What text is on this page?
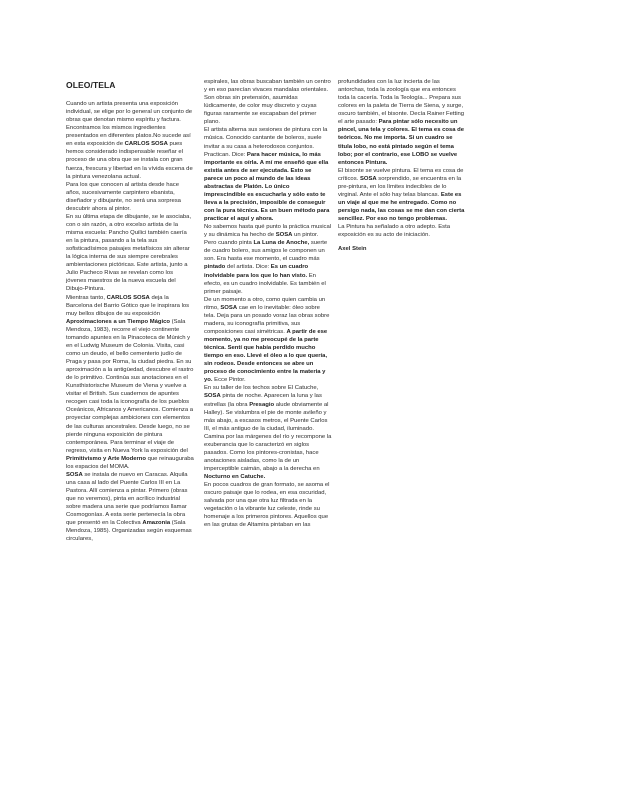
OLEO/TELA

Cuando un artista presenta una exposición individual, se elige por lo general un conjunto de obras que denotan mismo espíritu y factura. Encontramos los mismos ingredientes presentados en diferentes platos.No sucede así en esta exposición de CARLOS SOSA pues hemos considerado indispensable reseñar el proceso de una obra que se instala con gran fuerza, frescura y libertad en la vívida escena de la pintura venezolana actual.

Para los que conocen al artista desde hace años, sucesivamente carpintero ebanista, diseñador y dibujante, no será una sorpresa descubrir ahora al pintor.

En su última etapa de dibujante, se le asociaba, con o sin razón, a otro excelso artista de la misma escuela: Pancho Quilici también caería en la pintura, pasando a la tela sus sofisticadísimos paisajes metafísicos sin alterar la lógica interna de sus siempre cerebrales ambientaciones pictóricas. Este artista, junto a Julio Pacheco Rivas se revelan como los jóvenes maestros de la nueva escuela del Dibujo-Pintura.

Mientras tanto, CARLOS SOSA deja la Barcelona del Barrio Gótico que le inspirara los muy bellos dibujos de su exposición Aproximaciones a un Tiempo Mágico (Sala Mendoza, 1983), recorre el viejo continente tomando apuntes en la Pinacoteca de Múnich y en el Ludwig Museum de Colonia. Visita, casi como un deudo, el bello cementerio judío de Praga y pasa por Roma, la ciudad piedra. En su aproximación a la antigüedad, descubre el rastro de lo primitivo. Continúa sus anotaciones en el Kunsthistorische Museum de Viena y vuelve a visitar el British. Sus cuadernos de apuntes recogen casi toda la iconografía de los pueblos Oceánicos, Africanos y Americanos. Comienza a proyectar complejas ambiciones con elementos de las culturas ancestrales. Desde luego, no se pierde ninguna exposición de pintura contemporánea. Para terminar el viaje de regreso, visita en Nueva York la exposición del Primitivismo y Arte Moderno que reinauguraba los espacios del MOMA.

SOSA se instala de nuevo en Caracas. Alquila una casa al lado del Puente Carlos III en La Pastora. Allí comienza a pintar. Primero (obras que no veremos), pinta en acrílico industrial sobre madera una serie que podríamos llamar Cosmogonías. A esta serie pertenecía la obra que presentó en la Colectiva Amazonia (Sala Mendoza, 1985). Organizadas según esquemas circulares,

espirales, las obras buscaban también un centro y en eso parecían vivaces mandalas orientales. Son obras sin pretensión, asumidas lúdicamente, de color muy discreto y cuyas figuras raramente se escapaban del primer plano.

El artista alterna sus sesiones de pintura con la música. Conocido cantante de boleros, suele invitar a su casa a heterodoxos conjuntos. Practican. Dice: Para hacer música, lo más importante es oírla. A mí me enseñó que ella existía antes de ser ejecutada. Esto se parece un poco al mundo de las ideas abstractas de Platón. Lo único imprescindible es escucharla y sólo esto te lleva a la precisión, imposible de conseguir con la pura técnica. Es un buen método para practicar el aquí y ahora.

No sabemos hasta qué punto la práctica musical y su dinámica ha hecho de SOSA un pintor. Pero cuando pinta La Luna de Anoche, suerte de cuadro bolero, sus amigos le componen un son. Era hasta ese momento, el cuadro más pintado del artista. Dice: Es un cuadro inolvidable para los que lo han visto. En efecto, es un cuadro inolvidable. Es también el primer paisaje.

De un momento a otro, como quien cambia un ritmo, SOSA cae en lo inevitable: óleo sobre tela. Deja para un posado voraz las obras sobre madera, su iconografía primitiva, sus composiciones casi simétricas. A partir de ese momento, ya no me preocupé de la parte técnica. Sentí que había perdido mucho tiempo en eso. Llevé el óleo a lo que quería, sin rodeos. Desde entonces se abre un proceso de conocimiento entre la materia y yo. Ecce Pintor.

En su taller de los techos sobre El Catuche, SOSA pinta de noche. Aparecen la luna y las estrellas (la obra Presagio alude obviamente al Halley). Se vislumbra el pie de monte avileño y más abajo, a escasos metros, el Puente Carlos III, el más antiguo de la ciudad, iluminado. Camina por las márgenes del río y recompone la exuberancia que lo caracterizó en siglos pasados. Como los pintores-cronistas, hace anotaciones aisladas, como la de un imperceptible caimán, abajo a la derecha en Nocturno en Catuche.

En pocos cuadros de gran formato, se asoma el oscuro paisaje que lo rodea, en esa oscuridad, salvada por una que otra luz filtrada en la vegetación o la vibrante luz celeste, rinde su homenaje a los primeros pintores. Aquellos que en las grutas de Altamira pintaban en las

profundidades con la luz incierta de las antorchas, toda la zoología que era entonces toda la cacería. Toda la Teología... Prepara sus colores en la paleta de Tierra de Siena, y surge, oscuro también, el bisonte. Decía Rainer Fetting el arte pasado: Para pintar sólo necesito un pincel, una tela y colores. El tema es cosa de teóricos. No me importa. Si un cuadro se titula lobo, no está pintado según el tema lobo; por el contrario, ese LOBO se vuelve entonces Pintura.

El bisonte se vuelve pintura. El tema es cosa de críticos. SOSA sorprendido, se encuentra en la pre-pintura, en los límites indecibles de lo virginal. Ante el sólo hay telas blancas. Este es un viaje al que me he entregado. Como no persigo nada, las cosas se me dan con cierta sencillez. Por eso no tengo problemas.

La Pintura ha señalado a otro adepto. Esta exposición es su acto de iniciación.

Axel Stein
